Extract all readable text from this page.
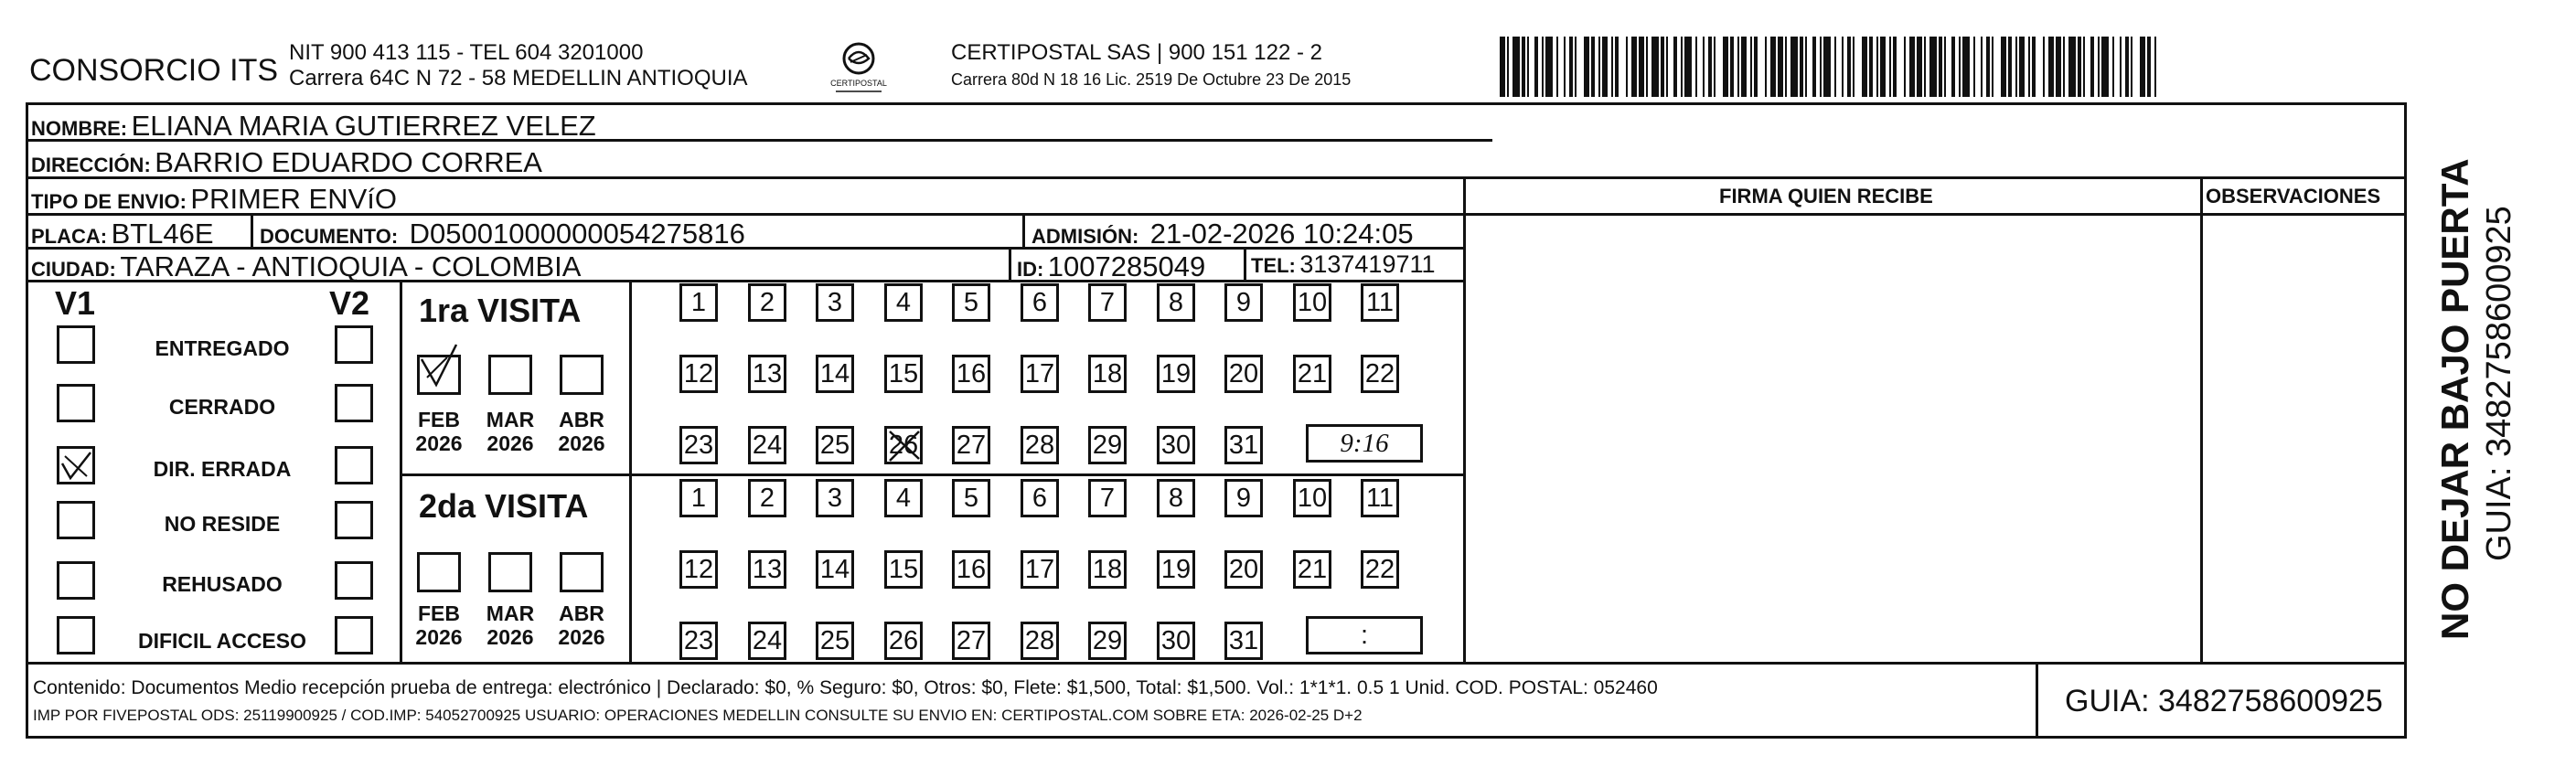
CONSORCIO ITS
NIT 900 413 115 - TEL 604 3201000
Carrera 64C N 72 - 58 MEDELLIN ANTIOQUIA	CERTIPOSTAL
CERTIPOSTAL SAS | 900 151 122 - 2
Carrera 80d N 18 16 Lic. 2519 De Octubre 23 De 2015
NOMBRE: ELIANA MARIA GUTIERREZ VELEZ
DIRECCIÓN: BARRIO EDUARDO CORREA
TIPO DE ENVIO: PRIMER ENVíO
PLACA: BTL46E DOCUMENTO: D05001000000054275816	ADMISIÓN: 21-02-2026 10:24:05
CIUDAD: TARAZA - ANTIOQUIA - COLOMBIA	ID: 1007285049 TEL: 3137419711
FIRMA QUIEN RECIBE	OBSERVACIONES
V1	V2
ENTREGADO
CERRADO
DIR. ERRADA
NO RESIDE
REHUSADO
DIFICIL ACCESO
1ra VISITA
FEB
2026
MAR
2026
ABR
2026
1	2	3	4	5	6	7	8	9	10 11
12 13 14 15 16 17 18 19 20 21 22
23 24 25 26 27 28 29 30 31	9:16
2da VISITA
FEB
2026
MAR
2026
ABR
2026
1	2	3	4	5	6	7	8	9	10 11
12 13 14 15 16 17 18 19 20 21 22
23 24 25 26 27 28 29 30 31	:	NO DEJAR BAJO PUERTA GUIA: 3482758600925
Contenido: Documentos Medio recepción prueba de entrega: electrónico | Declarado: $0, % Seguro: $0, Otros: $0, Flete: $1,500, Total: $1,500. Vol.: 1*1*1. 0.5 1 Unid. COD. POSTAL: 052460
IMP POR FIVEPOSTAL ODS: 25119900925 / COD.IMP: 54052700925 USUARIO: OPERACIONES MEDELLIN CONSULTE SU ENVIO EN: CERTIPOSTAL.COM SOBRE ETA: 2026-02-25 D+2	GUIA: 3482758600925
